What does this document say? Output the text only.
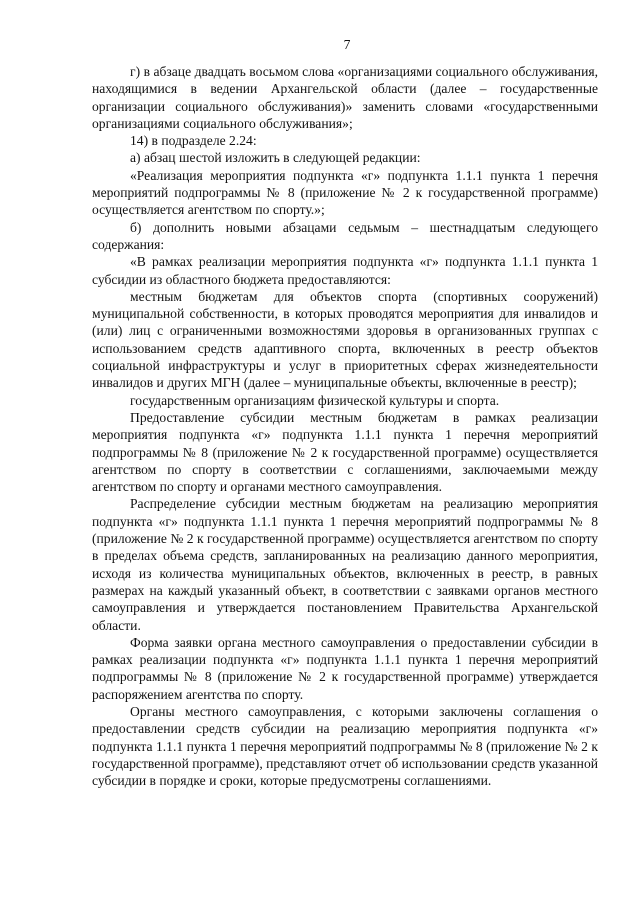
7

г) в абзаце двадцать восьмом слова «организациями социального обслуживания, находящимися в ведении Архангельской области (далее – государственные организации социального обслуживания)» заменить словами «государственными организациями социального обслуживания»;

14) в подразделе 2.24:

а) абзац шестой изложить в следующей редакции:

«Реализация мероприятия подпункта «г» подпункта 1.1.1 пункта 1 перечня мероприятий подпрограммы № 8 (приложение № 2 к государственной программе) осуществляется агентством по спорту.»;

б) дополнить новыми абзацами седьмым – шестнадцатым следующего содержания:

«В рамках реализации мероприятия подпункта «г» подпункта 1.1.1 пункта 1 субсидии из областного бюджета предоставляются:

местным бюджетам для объектов спорта (спортивных сооружений) муниципальной собственности, в которых проводятся мероприятия для инвалидов и (или) лиц с ограниченными возможностями здоровья в организованных группах с использованием средств адаптивного спорта, включенных в реестр объектов социальной инфраструктуры и услуг в приоритетных сферах жизнедеятельности инвалидов и других МГН (далее – муниципальные объекты, включенные в реестр);

государственным организациям физической культуры и спорта.

Предоставление субсидии местным бюджетам в рамках реализации мероприятия подпункта «г» подпункта 1.1.1 пункта 1 перечня мероприятий подпрограммы № 8 (приложение № 2 к государственной программе) осуществляется агентством по спорту в соответствии с соглашениями, заключаемыми между агентством по спорту и органами местного самоуправления.

Распределение субсидии местным бюджетам на реализацию мероприятия подпункта «г» подпункта 1.1.1 пункта 1 перечня мероприятий подпрограммы № 8 (приложение № 2 к государственной программе) осуществляется агентством по спорту в пределах объема средств, запланированных на реализацию данного мероприятия, исходя из количества муниципальных объектов, включенных в реестр, в равных размерах на каждый указанный объект, в соответствии с заявками органов местного самоуправления и утверждается постановлением Правительства Архангельской области.

Форма заявки органа местного самоуправления о предоставлении субсидии в рамках реализации подпункта «г» подпункта 1.1.1 пункта 1 перечня мероприятий подпрограммы № 8 (приложение № 2 к государственной программе) утверждается распоряжением агентства по спорту.

Органы местного самоуправления, с которыми заключены соглашения о предоставлении средств субсидии на реализацию мероприятия подпункта «г» подпункта 1.1.1 пункта 1 перечня мероприятий подпрограммы № 8 (приложение № 2 к государственной программе), представляют отчет об использовании средств указанной субсидии в порядке и сроки, которые предусмотрены соглашениями.
